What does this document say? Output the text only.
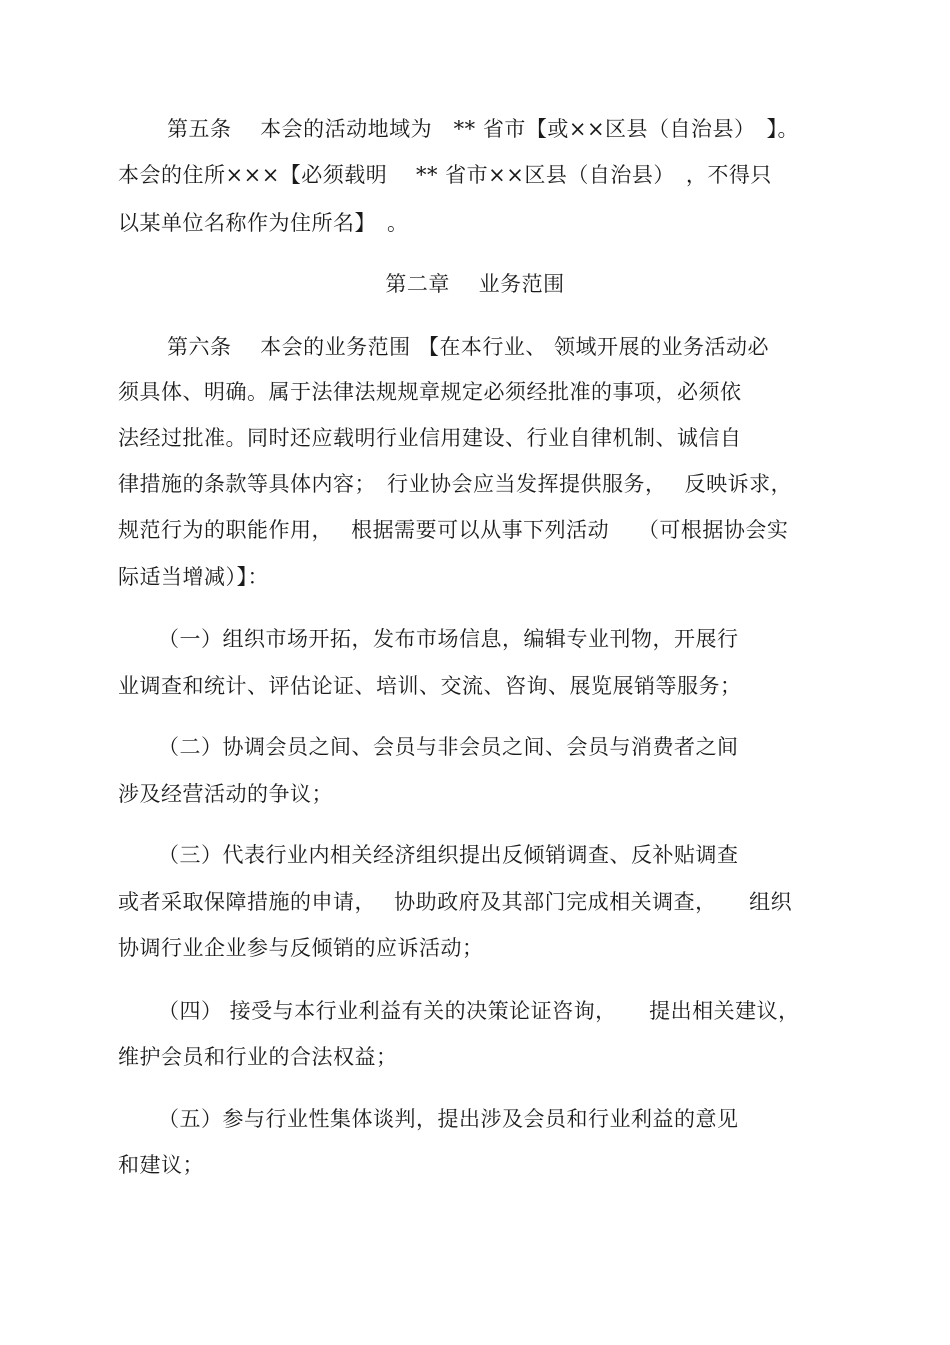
第五条　 本会的活动地域为　** 省市【或××区县（自治县）　】。
本会的住所×××【必须载明　 ** 省市××区县（自治县）　，不得只
以某单位名称作为住所名】　。
第二章　 业务范围
第六条　 本会的业务范围 【在本行业、 领域开展的业务活动必
须具体、明确。属于法律法规规章规定必须经批准的事项，必须依
法经过批准。同时还应载明行业信用建设、行业自律机制、诚信自
律措施的条款等具体内容；　行业协会应当发挥提供服务，　 反映诉求，
规范行为的职能作用，　 根据需要可以从事下列活动　 （可根据协会实
际适当增减）】：
（一）组织市场开拓，发布市场信息，编辑专业刊物，开展行
业调查和统计、评估论证、培训、交流、咨询、展览展销等服务；
（二）协调会员之间、会员与非会员之间、会员与消费者之间
涉及经营活动的争议；
（三）代表行业内相关经济组织提出反倾销调查、反补贴调查
或者采取保障措施的申请，　 协助政府及其部门完成相关调查，　　组织
协调行业企业参与反倾销的应诉活动；
（四） 接受与本行业利益有关的决策论证咨询，　　提出相关建议，
维护会员和行业的合法权益；
（五）参与行业性集体谈判，提出涉及会员和行业利益的意见
和建议；
